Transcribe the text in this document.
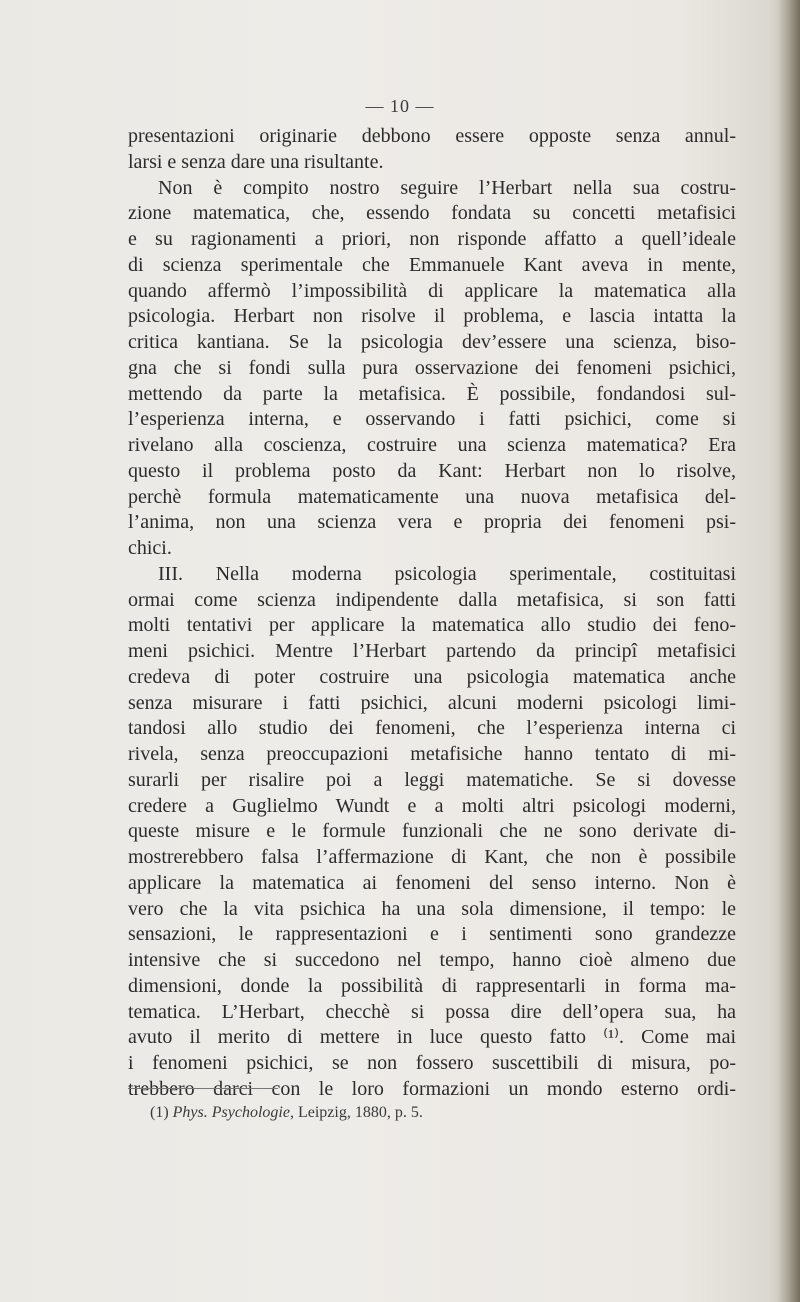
— 10 —
presentazioni originarie debbono essere opposte senza annul-
larsi e senza dare una risultante.
Non è compito nostro seguire l’Herbart nella sua costru-
zione matematica, che, essendo fondata su concetti metafisici
e su ragionamenti a priori, non risponde affatto a quell’ideale
di scienza sperimentale che Emmanuele Kant aveva in mente,
quando affermò l’impossibilità di applicare la matematica alla
psicologia. Herbart non risolve il problema, e lascia intatta la
critica kantiana. Se la psicologia dev’essere una scienza, biso-
gna che si fondi sulla pura osservazione dei fenomeni psichici,
mettendo da parte la metafisica. È possibile, fondandosi sul-
l’esperienza interna, e osservando i fatti psichici, come si
rivelano alla coscienza, costruire una scienza matematica? Era
questo il problema posto da Kant: Herbart non lo risolve,
perchè formula matematicamente una nuova metafisica del-
l’anima, non una scienza vera e propria dei fenomeni psi-
chici.
III. Nella moderna psicologia sperimentale, costituitasi
ormai come scienza indipendente dalla metafisica, si son fatti
molti tentativi per applicare la matematica allo studio dei feno-
meni psichici. Mentre l’Herbart partendo da principî metafisici
credeva di poter costruire una psicologia matematica anche
senza misurare i fatti psichici, alcuni moderni psicologi limi-
tandosi allo studio dei fenomeni, che l’esperienza interna ci
rivela, senza preoccupazioni metafisiche hanno tentato di mi-
surarli per risalire poi a leggi matematiche. Se si dovesse
credere a Guglielmo Wundt e a molti altri psicologi moderni,
queste misure e le formule funzionali che ne sono derivate di-
mostrerebbero falsa l’affermazione di Kant, che non è possibile
applicare la matematica ai fenomeni del senso interno. Non è
vero che la vita psichica ha una sola dimensione, il tempo: le
sensazioni, le rappresentazioni e i sentimenti sono grandezze
intensive che si succedono nel tempo, hanno cioè almeno due
dimensioni, donde la possibilità di rappresentarli in forma ma-
tematica. L’Herbart, checchè si possa dire dell’opera sua, ha
avuto il merito di mettere in luce questo fatto ⁽¹⁾. Come mai
i fenomeni psichici, se non fossero suscettibili di misura, po-
trebbero darci con le loro formazioni un mondo esterno ordi-
(1) Phys. Psychologie, Leipzig, 1880, p. 5.
